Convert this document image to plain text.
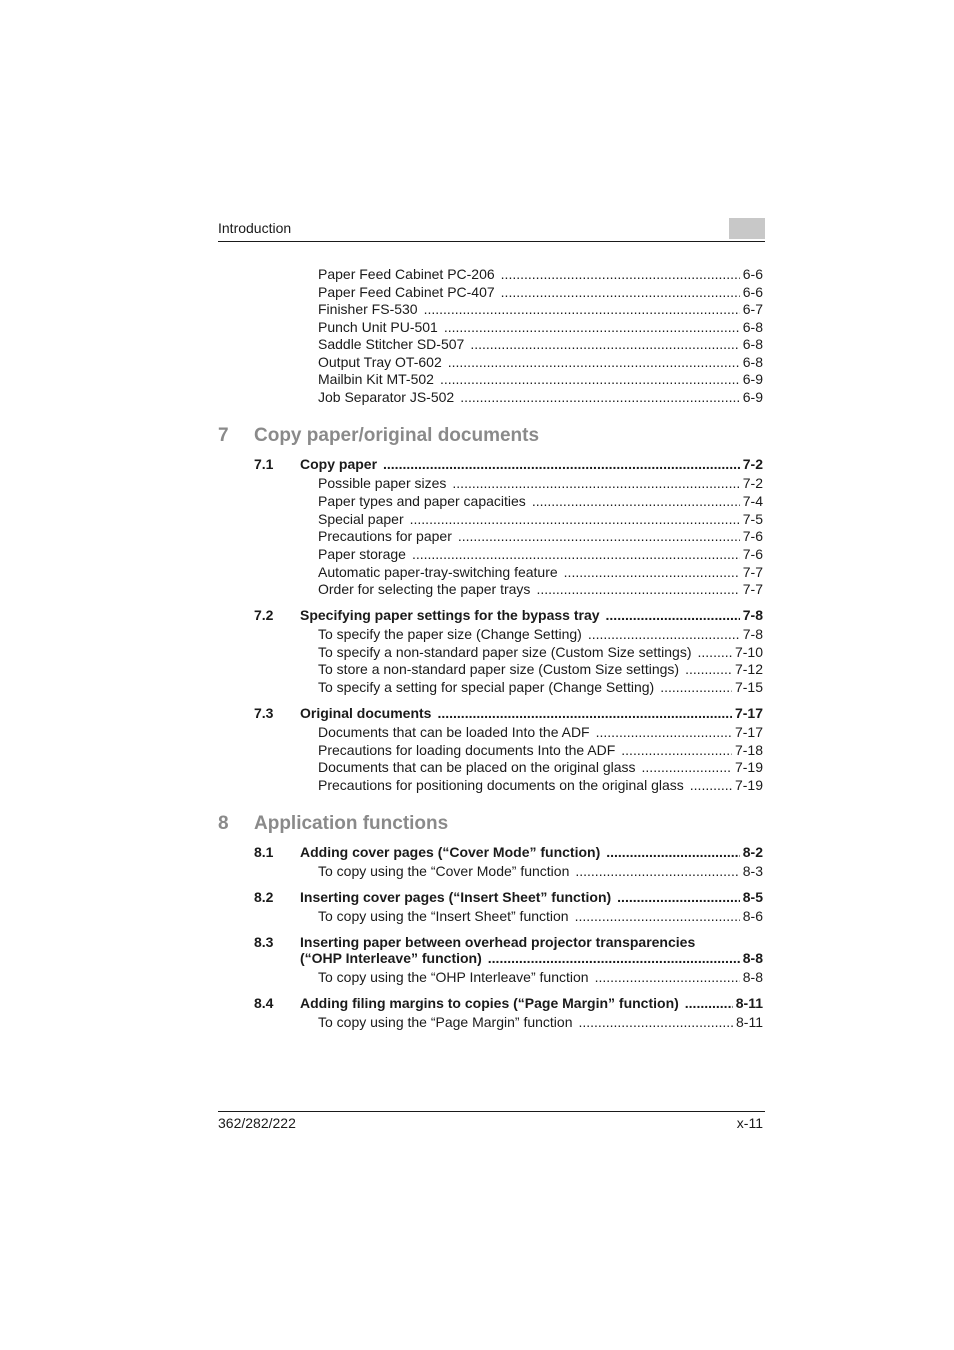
Introduction
Paper Feed Cabinet PC-206 .....	6-6
Paper Feed Cabinet PC-407 .....	6-6
Finisher FS-530 .....	6-7
Punch Unit PU-501 .....	6-8
Saddle Stitcher SD-507 .....	6-8
Output Tray OT-602 .....	6-8
Mailbin Kit MT-502 .....	6-9
Job Separator JS-502 .....	6-9
7 Copy paper/original documents
7.1 Copy paper .....	7-2
Possible paper sizes .....	7-2
Paper types and paper capacities .....	7-4
Special paper .....	7-5
Precautions for paper .....	7-6
Paper storage .....	7-6
Automatic paper-tray-switching feature .....	7-7
Order for selecting the paper trays .....	7-7
7.2 Specifying paper settings for the bypass tray .....	7-8
To specify the paper size (Change Setting) .....	7-8
To specify a non-standard paper size (Custom Size settings) .....	7-10
To store a non-standard paper size (Custom Size settings) .....	7-12
To specify a setting for special paper (Change Setting) .....	7-15
7.3 Original documents .....	7-17
Documents that can be loaded Into the ADF .....	7-17
Precautions for loading documents Into the ADF .....	7-18
Documents that can be placed on the original glass .....	7-19
Precautions for positioning documents on the original glass .....	7-19
8 Application functions
8.1 Adding cover pages (“Cover Mode” function) .....	8-2
To copy using the “Cover Mode” function .....	8-3
8.2 Inserting cover pages (“Insert Sheet” function) .....	8-5
To copy using the “Insert Sheet” function .....	8-6
8.3 Inserting paper between overhead projector transparencies
(“OHP Interleave” function) .....	8-8
To copy using the “OHP Interleave” function .....	8-8
8.4 Adding filing margins to copies (“Page Margin” function) .....	8-11
To copy using the “Page Margin” function .....	8-11
362/282/222	x-11
